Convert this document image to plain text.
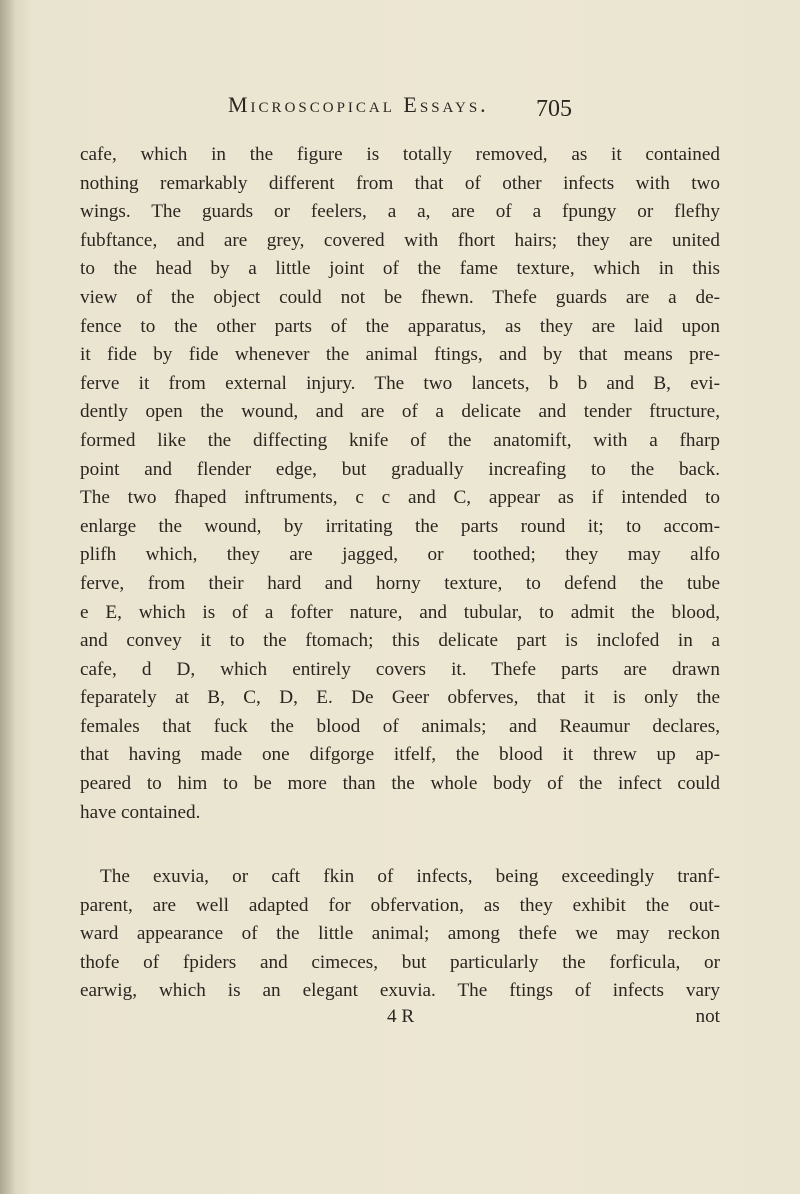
Microscopical Essays. 705
cafe, which in the figure is totally removed, as it contained
nothing remarkably different from that of other infects with two
wings. The guards or feelers, a a, are of a fpungy or flefhy
fubftance, and are grey, covered with fhort hairs; they are united
to the head by a little joint of the fame texture, which in this
view of the object could not be fhewn. Thefe guards are a de-
fence to the other parts of the apparatus, as they are laid upon
it fide by fide whenever the animal ftings, and by that means pre-
ferve it from external injury. The two lancets, b b and B, evi-
dently open the wound, and are of a delicate and tender ftructure,
formed like the diffecting knife of the anatomift, with a fharp
point and flender edge, but gradually increafing to the back.
The two fhaped inftruments, c c and C, appear as if intended to
enlarge the wound, by irritating the parts round it; to accom-
plifh which, they are jagged, or toothed; they may alfo
ferve, from their hard and horny texture, to defend the tube
e E, which is of a fofter nature, and tubular, to admit the blood,
and convey it to the ftomach; this delicate part is inclofed in a
cafe, d D, which entirely covers it. Thefe parts are drawn
feparately at B, C, D, E. De Geer obferves, that it is only the
females that fuck the blood of animals; and Reaumur declares,
that having made one difgorge itfelf, the blood it threw up ap-
peared to him to be more than the whole body of the infect could
have contained.
The exuvia, or caft fkin of infects, being exceedingly tranf-
parent, are well adapted for obfervation, as they exhibit the out-
ward appearance of the little animal; among thefe we may reckon
thofe of fpiders and cimeces, but particularly the forficula, or
earwig, which is an elegant exuvia. The ftings of infects vary
4 R	not
